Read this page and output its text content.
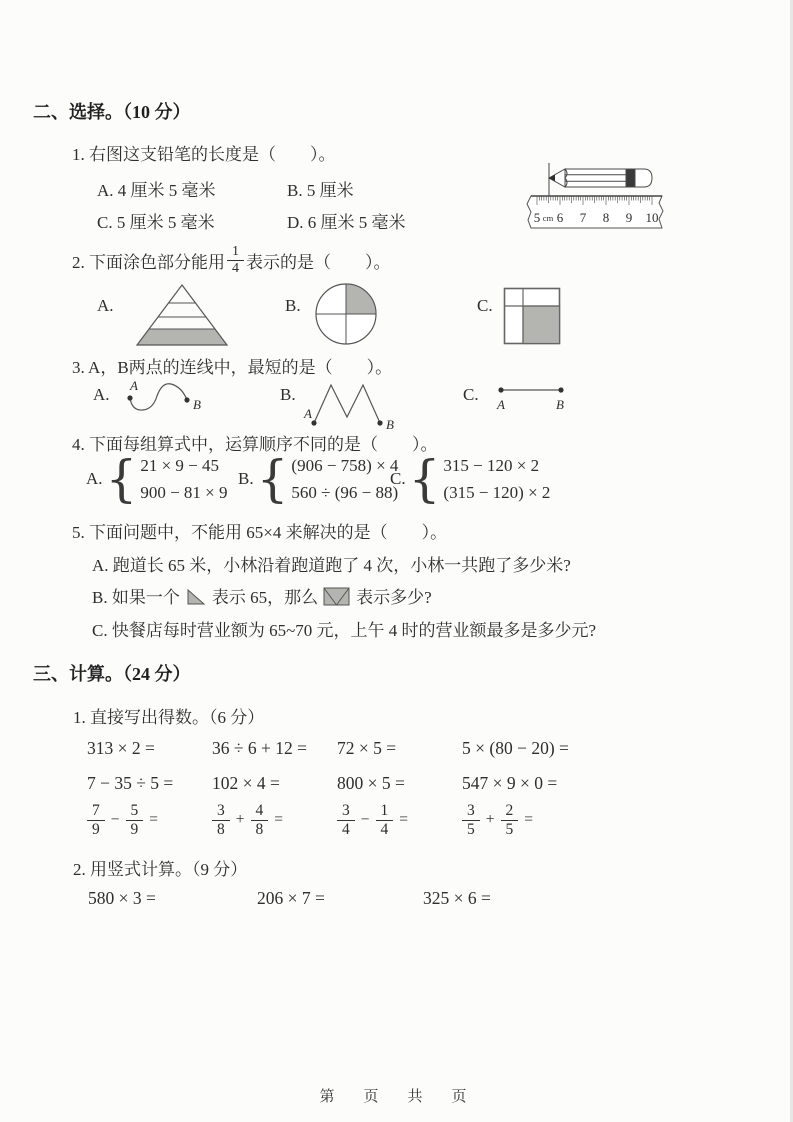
二、选择。（10 分）
1. 右图这支铅笔的长度是（　　）。
A. 4 厘米 5 毫米	B. 5 厘米
C. 5 厘米 5 毫米	D. 6 厘米 5 毫米	5 cm 6 7 8 9 10
2. 下面涂色部分能用 $\frac{1}{4}$ 表示的是（　　）。
A.	B.	C.
3. A，B两点的连线中，最短的是（　　）。
A. A
B
B.
A
B
C.
A	B
4. 下面每组算式中，运算顺序不同的是（　　）。
A. { 21 × 9 − 45
900 − 81 × 9
B. { (906 − 758) × 4
560 ÷ (96 − 88)
C. { 315 − 120 × 2
(315 − 120) × 2
5. 下面问题中，不能用 65×4 来解决的是（　　）。
A. 跑道长 65 米，小林沿着跑道跑了 4 次，小林一共跑了多少米?
B. 如果一个 表示 65，那么 表示多少?
C. 快餐店每时营业额为 65~70 元，上午 4 时的营业额最多是多少元?
三、计算。（24 分）
1. 直接写出得数。（6 分）
313 × 2 =	36 ÷ 6 + 12 = 72 × 5 =	5 × (80 − 20) =
7 − 35 ÷ 5 = 102 × 4 =	800 × 5 =	547 × 9 × 0 =
$\frac{7}{9} - \frac{5}{9}$ =	$\frac{3}{8} + \frac{4}{8}$ =	$\frac{3}{4} - \frac{1}{4}$ =	$\frac{3}{5} + \frac{2}{5}$ =
2. 用竖式计算。（9 分）
580 × 3 =	206 × 7 =	325 × 6 =
第　页　共　页
